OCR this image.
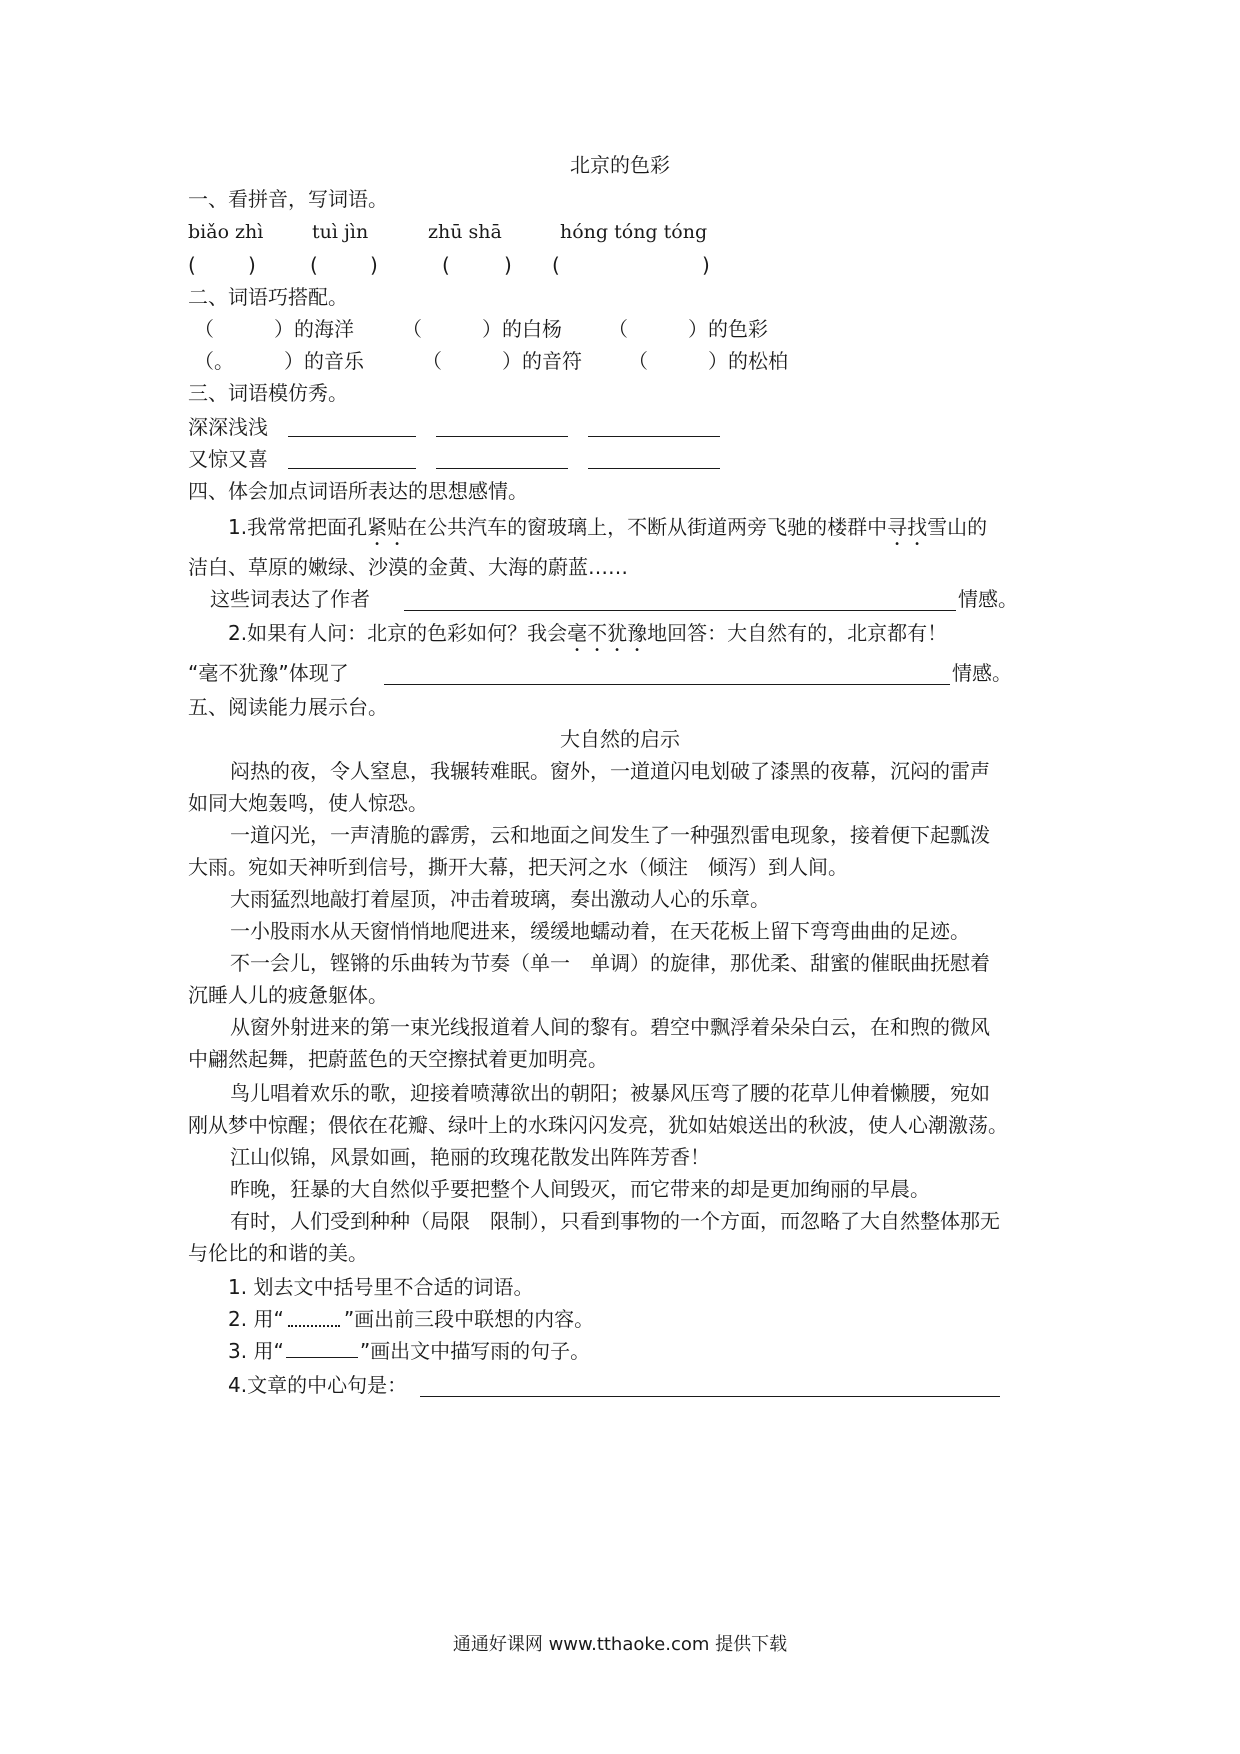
北京的色彩
一、看拼音，写词语。
biǎo zhì	tuì jìn	zhū shā	hóng tóng tóng
(	)	(	)	(	) (	)
二、词语巧搭配。
（　　　）的海洋 （　　　）的白杨 （　　　）的色彩
（。　　　）的音乐	（　　　）的音符 （　　　）的松柏
三、词语模仿秀。
深深浅浅
又惊又喜
四、体会加点词语所表达的思想感情。
1.我常常把面孔紧贴在公共汽车的窗玻璃上，不断从街道两旁飞驰的楼群中寻找雪山的
洁白、草原的嫩绿、沙漠的金黄、大海的蔚蓝……
这些词表达了作者	情感。
2.如果有人问：北京的色彩如何？我会毫不犹豫地回答：大自然有的，北京都有！
“毫不犹豫”体现了	情感。
五、阅读能力展示台。
大自然的启示
闷热的夜，令人窒息，我辗转难眠。窗外，一道道闪电划破了漆黑的夜幕，沉闷的雷声
如同大炮轰鸣，使人惊恐。
一道闪光，一声清脆的霹雳，云和地面之间发生了一种强烈雷电现象，接着便下起瓢泼
大雨。宛如天神听到信号，撕开大幕，把天河之水（倾注　倾泻）到人间。
大雨猛烈地敲打着屋顶，冲击着玻璃，奏出激动人心的乐章。
一小股雨水从天窗悄悄地爬进来，缓缓地蠕动着，在天花板上留下弯弯曲曲的足迹。
不一会儿，铿锵的乐曲转为节奏（单一　单调）的旋律，那优柔、甜蜜的催眠曲抚慰着
沉睡人儿的疲惫躯体。
从窗外射进来的第一束光线报道着人间的黎有。碧空中飘浮着朵朵白云，在和煦的微风
中翩然起舞，把蔚蓝色的天空擦拭着更加明亮。
鸟儿唱着欢乐的歌，迎接着喷薄欲出的朝阳；被暴风压弯了腰的花草儿伸着懒腰，宛如
刚从梦中惊醒；偎依在花瓣、绿叶上的水珠闪闪发亮，犹如姑娘送出的秋波，使人心潮激荡。
江山似锦，风景如画，艳丽的玫瑰花散发出阵阵芳香！
昨晚，狂暴的大自然似乎要把整个人间毁灭，而它带来的却是更加绚丽的早晨。
有时，人们受到种种（局限　限制），只看到事物的一个方面，而忽略了大自然整体那无
与伦比的和谐的美。
1. 划去文中括号里不合适的词语。
2. 用“	”画出前三段中联想的内容。
3. 用“	”画出文中描写雨的句子。
4.文章的中心句是：
通通好课网 www.tthaoke.com 提供下载
